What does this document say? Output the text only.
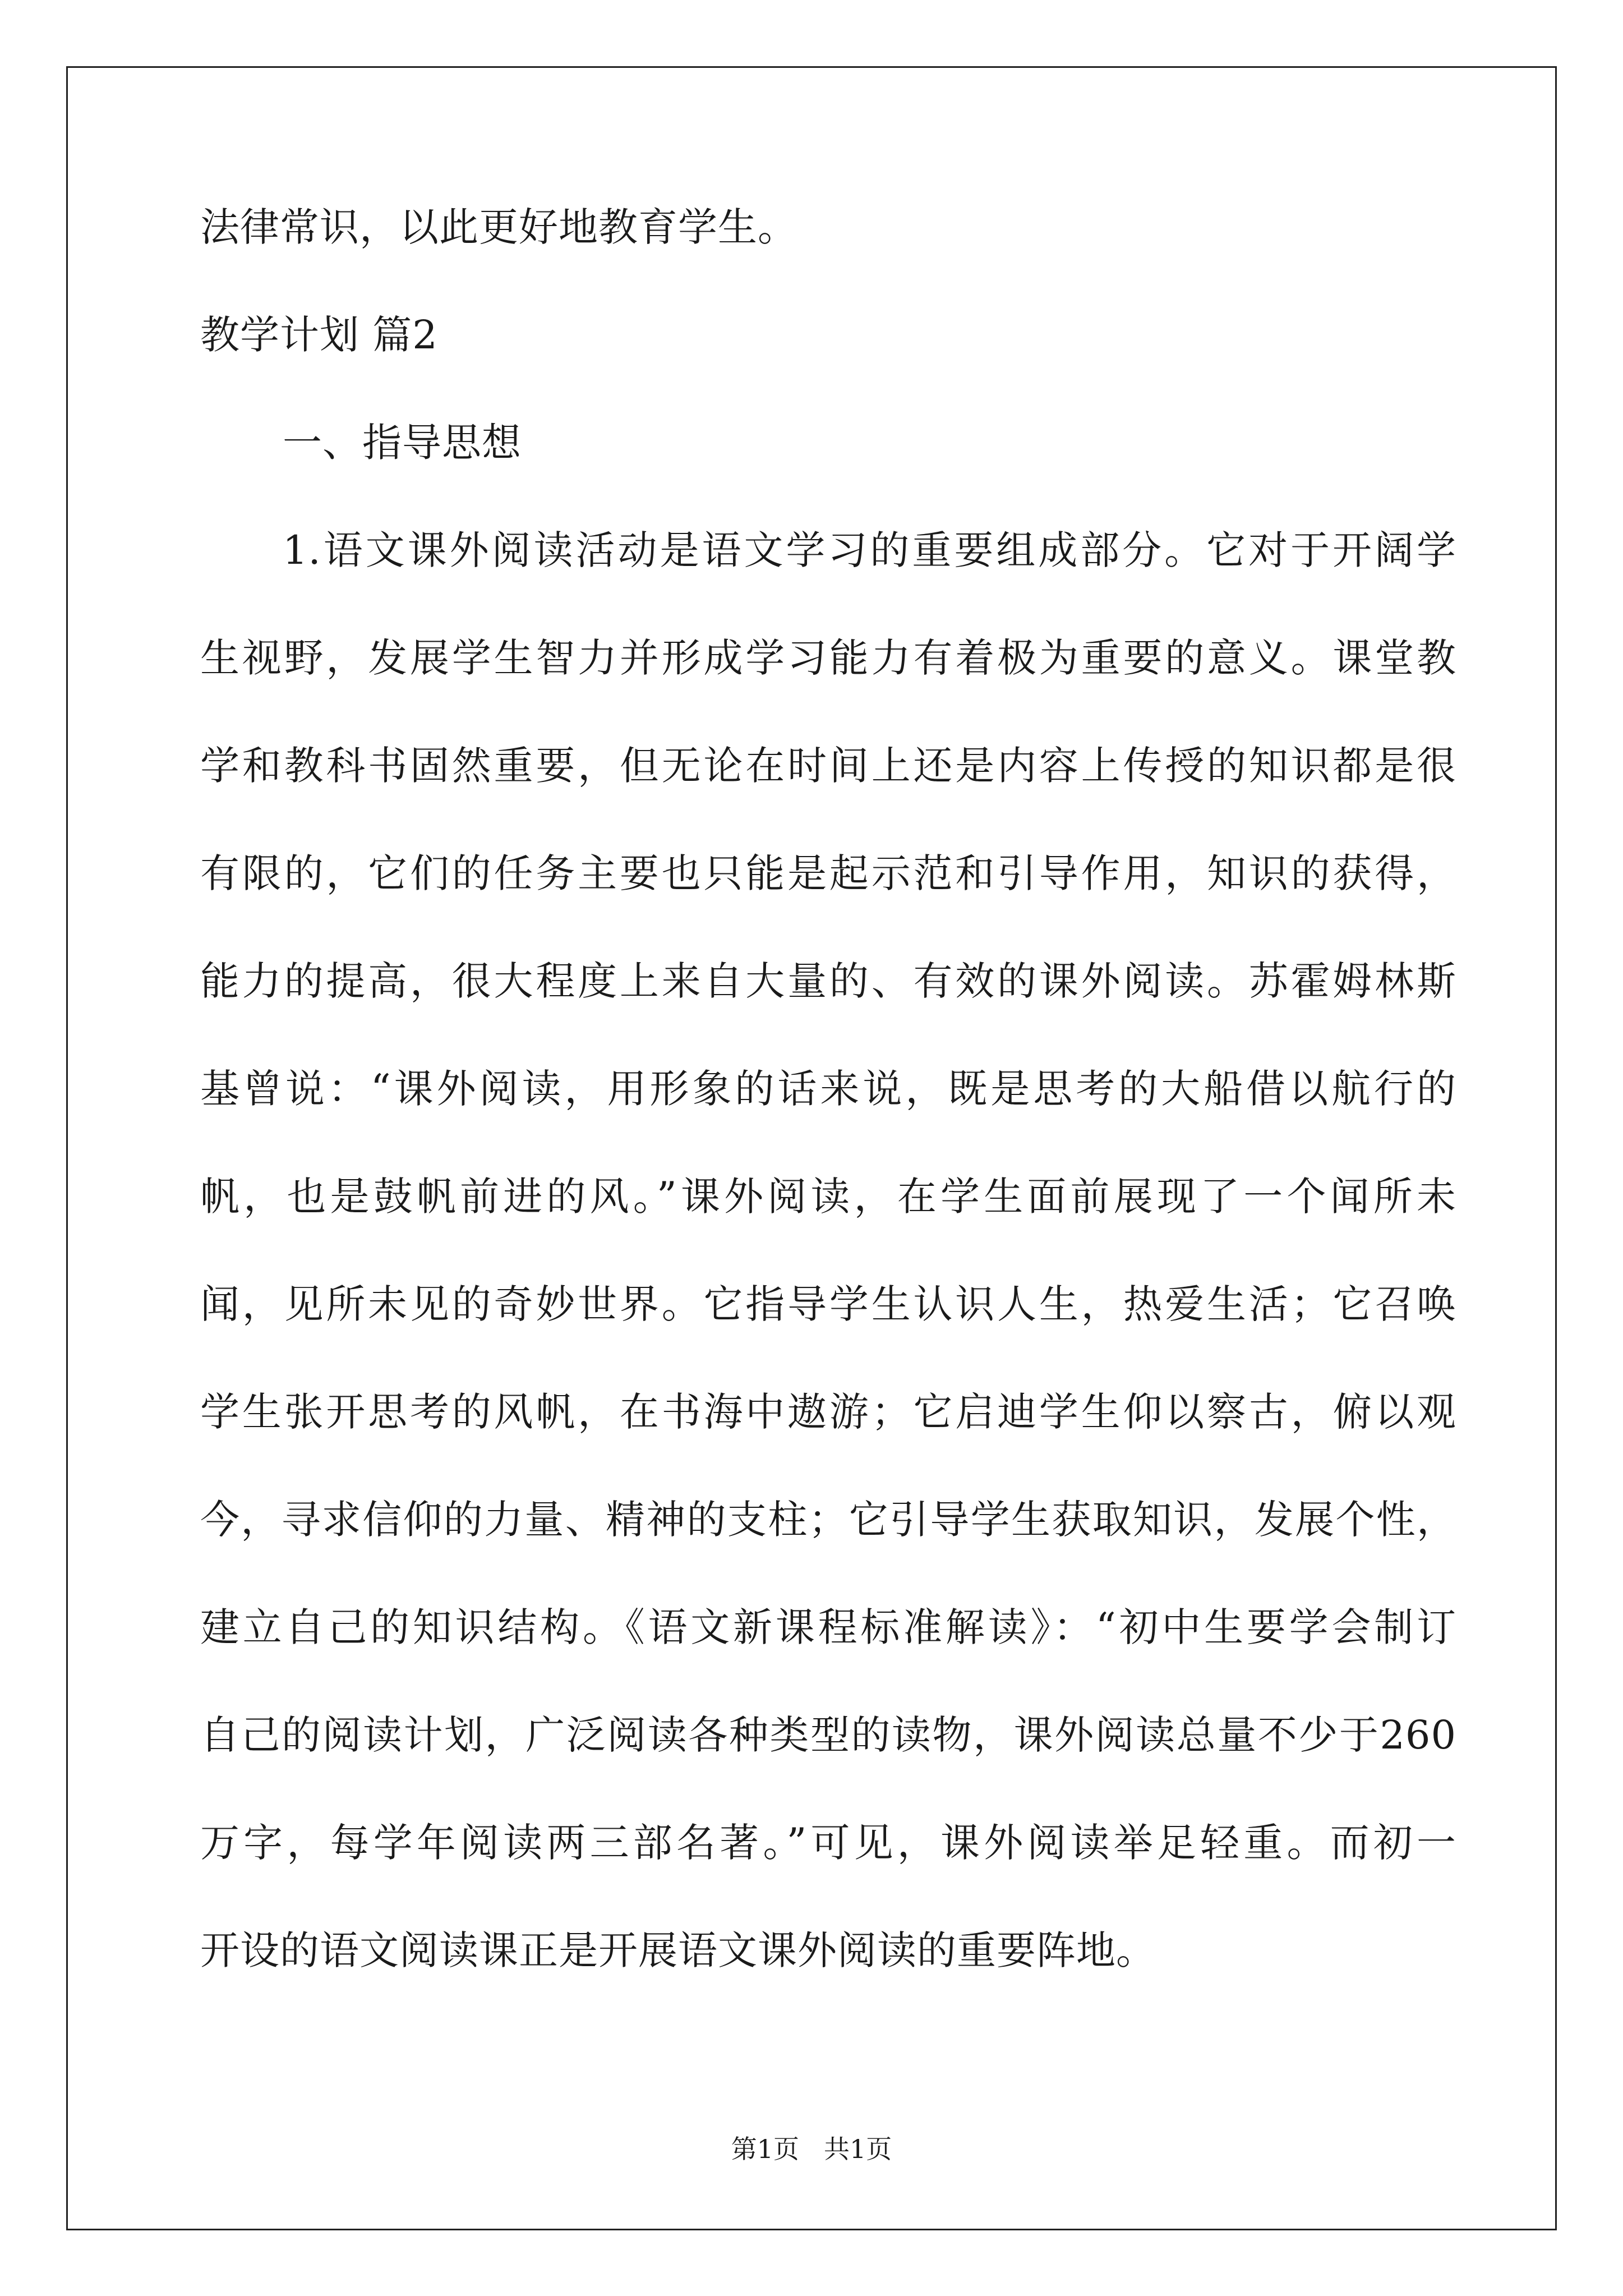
法律常识，以此更好地教育学生。
教学计划 篇2
一、指导思想
1.语文课外阅读活动是语文学习的重要组成部分。它对于开阔学
生视野，发展学生智力并形成学习能力有着极为重要的意义。课堂教
学和教科书固然重要，但无论在时间上还是内容上传授的知识都是很
有限的，它们的任务主要也只能是起示范和引导作用，知识的获得，
能力的提高，很大程度上来自大量的、有效的课外阅读。苏霍姆林斯
基曾说：“课外阅读，用形象的话来说，既是思考的大船借以航行的
帆，也是鼓帆前进的风。”课外阅读，在学生面前展现了一个闻所未
闻，见所未见的奇妙世界。它指导学生认识人生，热爱生活；它召唤
学生张开思考的风帆，在书海中遨游；它启迪学生仰以察古，俯以观
今，寻求信仰的力量、精神的支柱；它引导学生获取知识，发展个性，
建立自己的知识结构。《语文新课程标准解读》：“初中生要学会制订
自己的阅读计划，广泛阅读各种类型的读物，课外阅读总量不少于260
万字，每学年阅读两三部名著。”可见，课外阅读举足轻重。而初一
开设的语文阅读课正是开展语文课外阅读的重要阵地。
第1页 共1页
